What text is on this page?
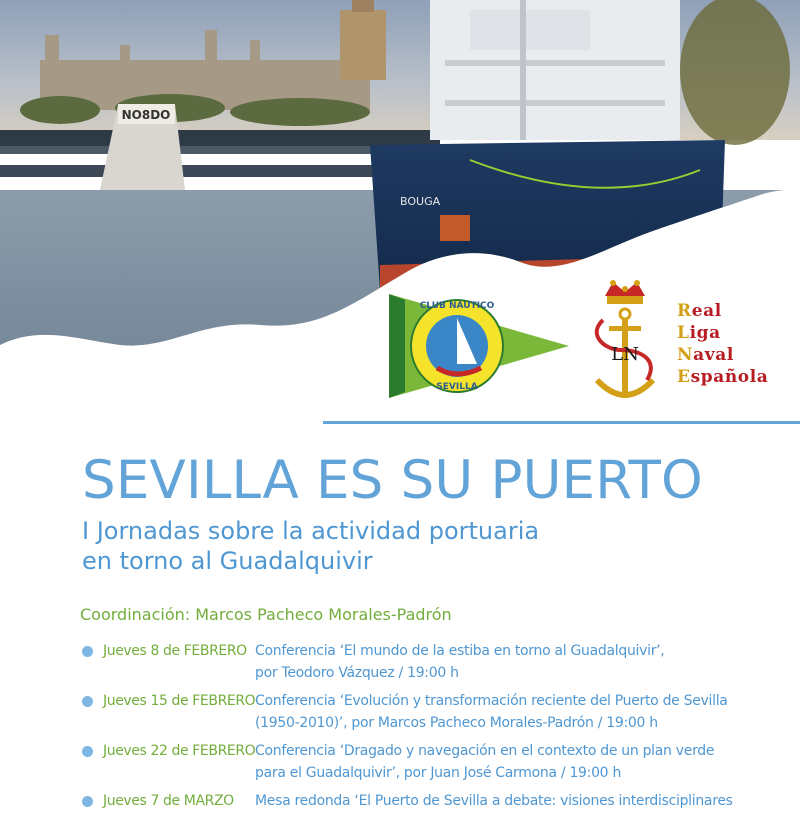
NO8DO
BOUGA
CLUB NÁUTICO
SEVILLA
LN
Real
Liga
Naval
Española
SEVILLA ES SU PUERTO
I Jornadas sobre la actividad portuaria
en torno al Guadalquivir
Coordinación: Marcos Pacheco Morales-Padrón
Jueves 8 de FEBRERO Conferencia ‘El mundo de la estiba en torno al Guadalquivir’,
por Teodoro Vázquez / 19:00 h
Jueves 15 de FEBRERO Conferencia ‘Evolución y transformación reciente del Puerto de Sevilla
(1950-2010)’, por Marcos Pacheco Morales-Padrón / 19:00 h
Jueves 22 de FEBRERO Conferencia ‘Dragado y navegación en el contexto de un plan verde
para el Guadalquivir’, por Juan José Carmona / 19:00 h
Jueves 7 de MARZO Mesa redonda ‘El Puerto de Sevilla a debate: visiones interdisciplinares
